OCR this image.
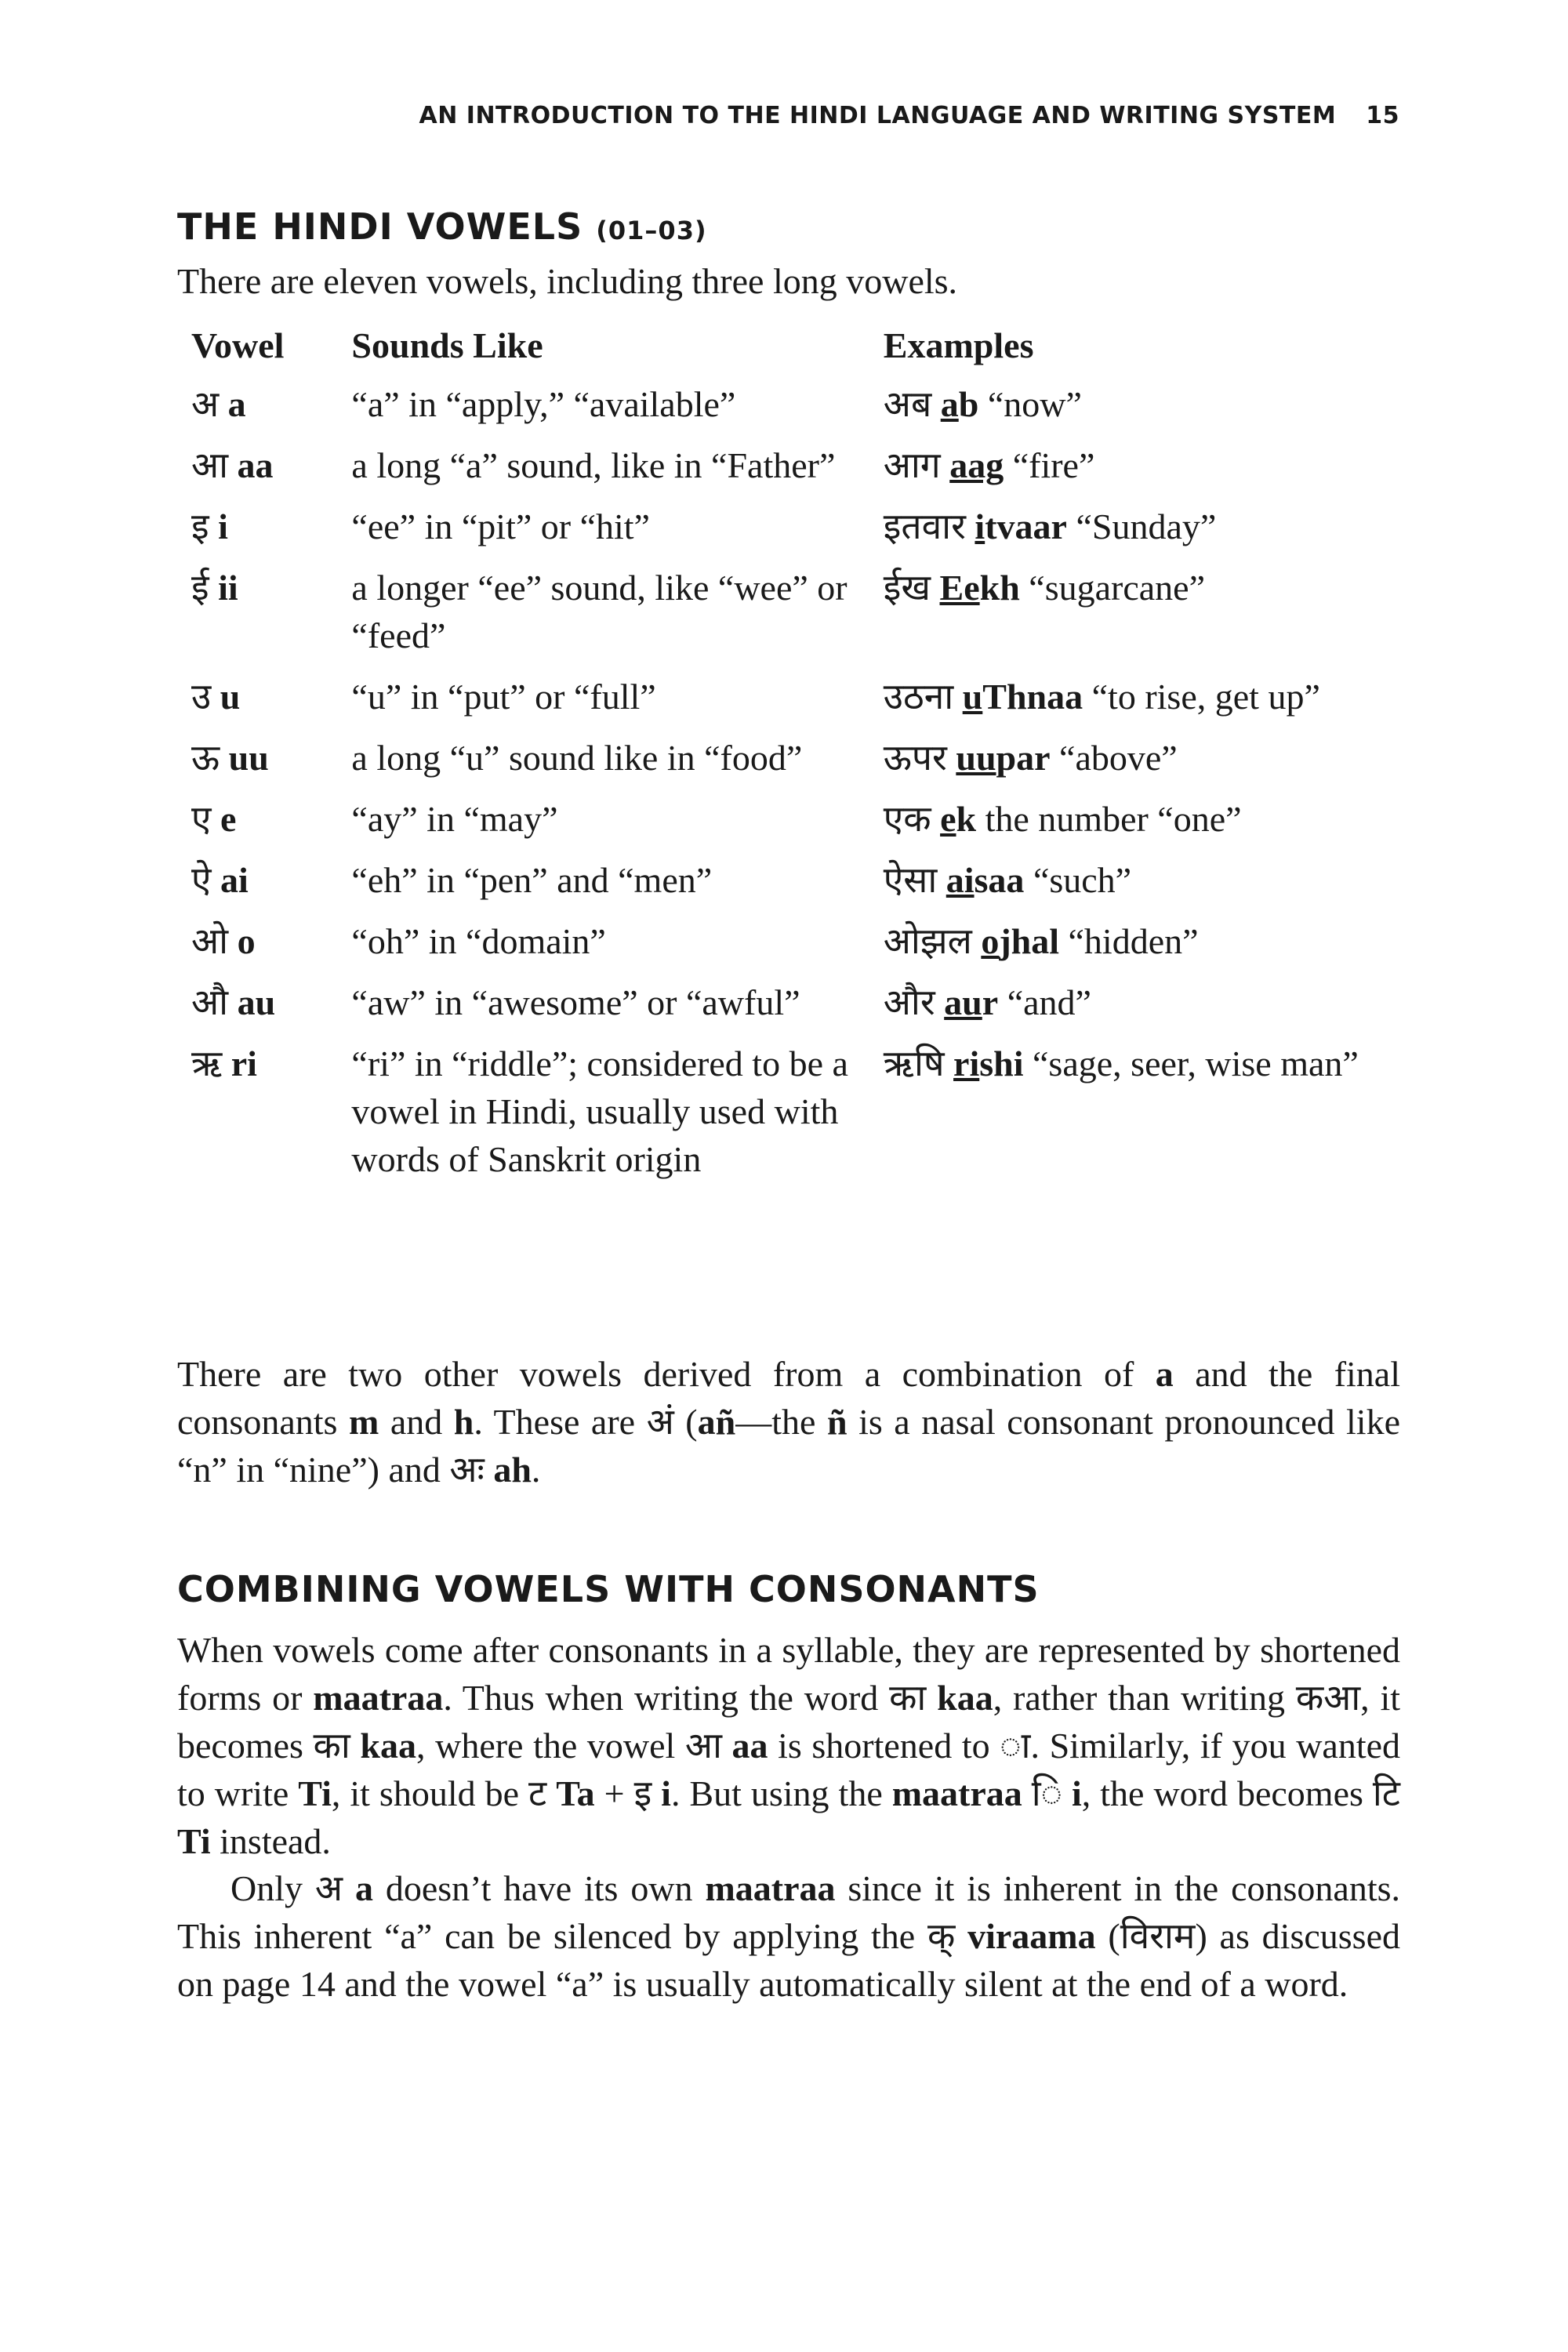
AN INTRODUCTION TO THE HINDI LANGUAGE AND WRITING SYSTEM 15
THE HINDI VOWELS (01–03)
There are eleven vowels, including three long vowels.
Vowel	Sounds Like	Examples
अ a	“a” in “apply,” “available”	अब ab “now”

आ aa	a long “a” sound, like in “Father”	आग aag “fire”

इ i	“ee” in “pit” or “hit”	इतवार itvaar “Sunday”

ई ii	a longer “ee” sound, like “wee” or “feed”	ईख Eekh “sugarcane”

उ u	“u” in “put” or “full”	उठना uThnaa “to rise, get up”

ऊ uu	a long “u” sound like in “food”	ऊपर uupar “above”

ए e	“ay” in “may”	एक ek the number “one”

ऐ ai	“eh” in “pen” and “men”	ऐसा aisaa “such”

ओ o	“oh” in “domain”	ओझल ojhal “hidden”

औ au	“aw” in “awesome” or “awful”	और aur “and”

ऋ ri	“ri” in “riddle”; considered to be a vowel in Hindi, usually used with words of Sanskrit origin	ऋषि rishi “sage, seer, wise man”
There are two other vowels derived from a combination of a and the final consonants m and h. These are अं (añ—the ñ is a nasal consonant pronounced like “n” in “nine”) and अः ah.
COMBINING VOWELS WITH CONSONANTS
When vowels come after consonants in a syllable, they are represented by shortened forms or maatraa. Thus when writing the word का kaa, rather than writing कआ, it becomes का kaa, where the vowel आ aa is shortened to ा. Similarly, if you wanted to write Ti, it should be ट Ta + इ i. But using the maatraa ि i, the word becomes टि Ti instead.
Only अ a doesn’t have its own maatraa since it is inherent in the consonants. This inherent “a” can be silenced by applying the क् viraama (विराम) as discussed on page 14 and the vowel “a” is usually automatically silent at the end of a word.
